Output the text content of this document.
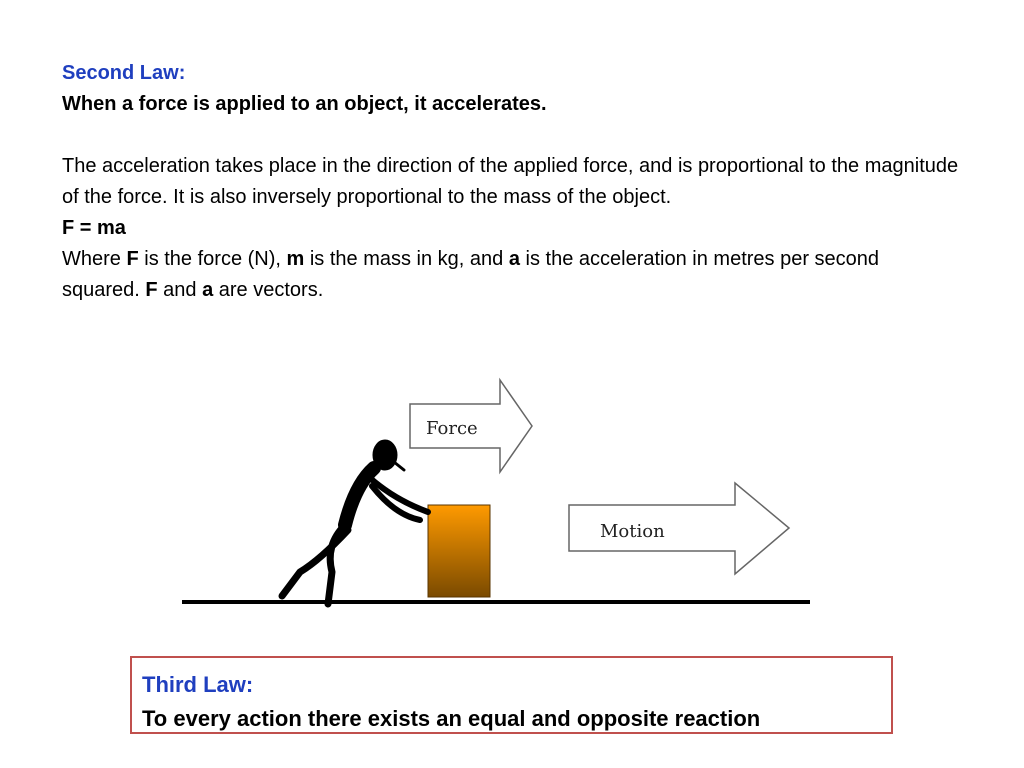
Second Law:
When a force is applied to an object, it accelerates.
The acceleration takes place in the direction of the applied force, and is proportional to the magnitude of the force. It is also inversely proportional to the mass of the object.
F = ma
Where F is the force (N), m is the mass in kg, and a is the acceleration in metres per second squared. F and a are vectors.
Force
Motion
Third Law:
To every action there exists an equal and opposite reaction
